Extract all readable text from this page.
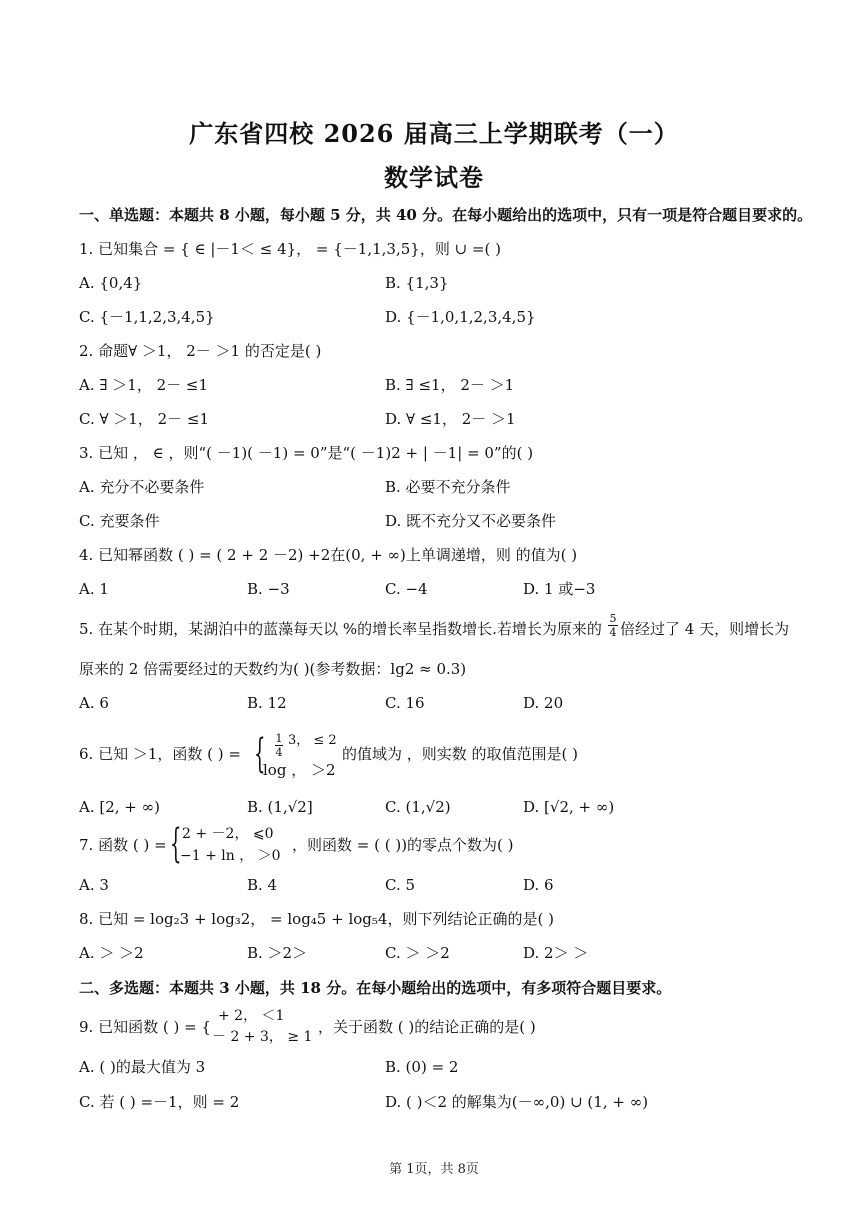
广东省四校 2026 届高三上学期联考（一）
数学试卷
一、单选题：本题共 8 小题，每小题 5 分，共 40 分。在每小题给出的选项中，只有一项是符合题目要求的。
1. 已知集合 = { ∈ |－1＜ ≤ 4}， = {－1,1,3,5}，则 ∪ =( )
A. {0,4}	B. {1,3}
C. {－1,1,2,3,4,5}	D. {－1,0,1,2,3,4,5}
2. 命题∀ ＞1， 2－ ＞1 的否定是( )
A. ∃ ＞1， 2－ ≤1	B. ∃ ≤1， 2－ ＞1
C. ∀ ＞1， 2－ ≤1	D. ∀ ≤1， 2－ ＞1
3. 已知 ， ∈ ，则“( －1)( －1) = 0”是“( －1)2 + | －1| = 0”的( )
A. 充分不必要条件	B. 必要不充分条件
C. 充要条件	D. 既不充分又不必要条件
4. 已知幂函数 ( ) = ( 2 + 2 －2) +2在(0, + ∞)上单调递增，则 的值为( )
A. 1	B. −3	C. −4	D. 1 或−3
5. 在某个时期，某湖泊中的蓝藻每天以 %的增长率呈指数增长.若增长为原来的
5
4 倍经过了 4 天，则增长为
原来的 2 倍需要经过的天数约为( )(参考数据：lg2 ≈ 0.3)
A. 6	B. 12	C. 16	D. 20
6. 已知 ＞1，函数 ( ) = { 1
4
3， ≤ 2
log ， ＞2
的值域为 ，则实数 的取值范围是( )
A. [2, + ∞)	B. (1,√2]	C. (1,√2)	D. [√2, + ∞)
7. 函数 ( ) = { 2 + －2， ⩽0
−1 + ln ， ＞0
，则函数 = ( ( ))的零点个数为( )
A. 3	B. 4	C. 5	D. 6
8. 已知 = log₂3 + log₃2， = log₄5 + log₅4，则下列结论正确的是( )
A. ＞ ＞2	B. ＞2＞	C. ＞ ＞2	D. 2＞ ＞
二、多选题：本题共 3 小题，共 18 分。在每小题给出的选项中，有多项符合题目要求。
9. 已知函数 ( ) = {
+ 2， ＜1
－ 2 + 3， ≥ 1
，关于函数 ( )的结论正确的是( )
A. ( )的最大值为 3	B. (0) = 2
C. 若 ( ) =－1，则 = 2	D. ( )＜2 的解集为(－∞,0) ∪ (1, + ∞)
第 1页，共 8页
